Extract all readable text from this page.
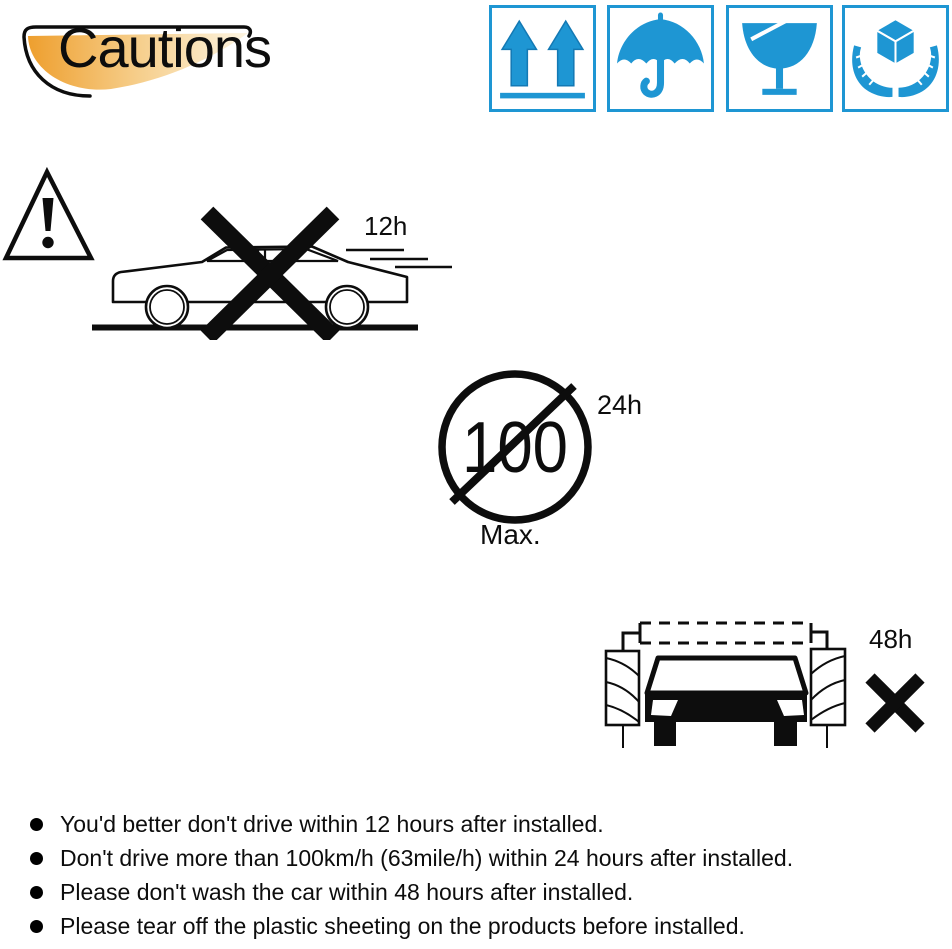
Cautions
12h
100
24h
Max.
48h
You'd better don't drive within 12 hours after installed.
Don't drive more than 100km/h (63mile/h) within 24 hours after installed.
Please don't wash the car within 48 hours after installed.
Please tear off the plastic sheeting on the products before installed.
